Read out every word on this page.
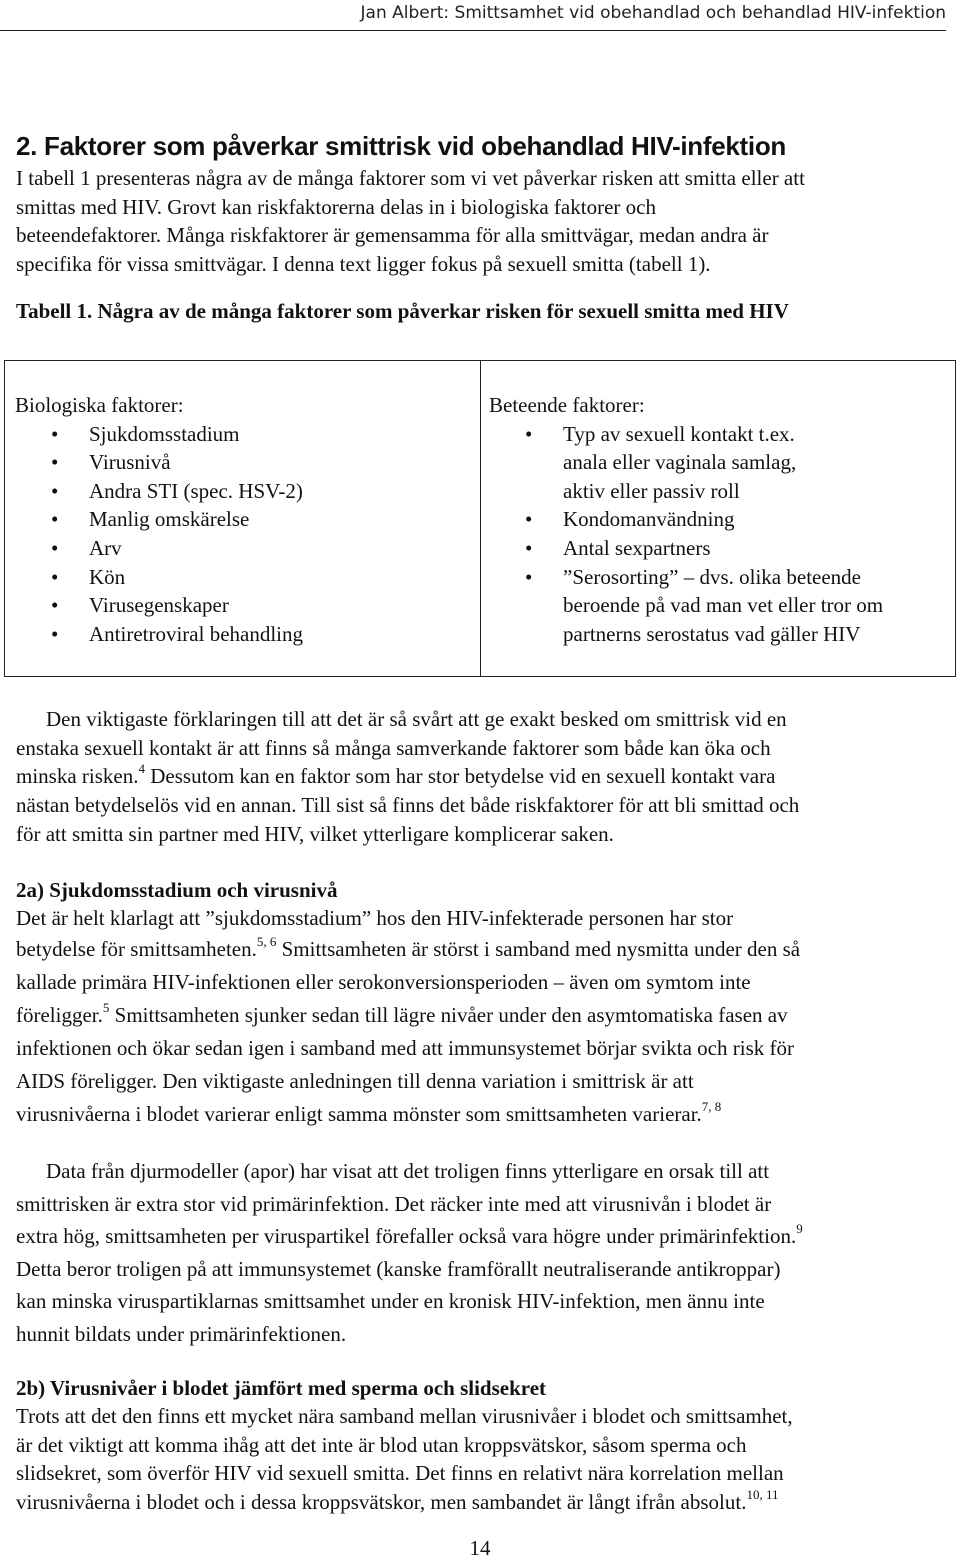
Jan Albert: Smittsamhet vid obehandlad och behandlad HIV-infektion
2. Faktorer som påverkar smittrisk vid obehandlad HIV-infektion

I tabell 1 presenteras några av de många faktorer som vi vet påverkar risken att smitta eller att

smittas med HIV. Grovt kan riskfaktorerna delas in i biologiska faktorer och

beteendefaktorer. Många riskfaktorer är gemensamma för alla smittvägar, medan andra är

specifika för vissa smittvägar. I denna text ligger fokus på sexuell smitta (tabell 1).

Tabell 1. Några av de många faktorer som påverkar risken för sexuell smitta med HIV

Biologiska faktorer:
• Sjukdomsstadium
• Virusnivå
• Andra STI (spec. HSV-2)
• Manlig omskärelse
• Arv
• Kön
• Virusegenskaper
• Antiretroviral behandling
Beteende faktorer:
• Typ av sexuell kontakt t.ex.
anala eller vaginala samlag,
aktiv eller passiv roll
• Kondomanvändning
• Antal sexpartners
• ”Serosorting” – dvs. olika beteende
beroende på vad man vet eller tror om
partnerns serostatus vad gäller HIV

Den viktigaste förklaringen till att det är så svårt att ge exakt besked om smittrisk vid en

enstaka sexuell kontakt är att finns så många samverkande faktorer som både kan öka och

minska risken.$^4$ Dessutom kan en faktor som har stor betydelse vid en sexuell kontakt vara

nästan betydelselös vid en annan. Till sist så finns det både riskfaktorer för att bli smittad och

för att smitta sin partner med HIV, vilket ytterligare komplicerar saken.

2a) Sjukdomsstadium och virusnivå

Det är helt klarlagt att ”sjukdomsstadium” hos den HIV-infekterade personen har stor

betydelse för smittsamheten.$^{5, 6}$ Smittsamheten är störst i samband med nysmitta under den så

kallade primära HIV-infektionen eller serokonversionsperioden – även om symtom inte

föreligger.$^5$ Smittsamheten sjunker sedan till lägre nivåer under den asymtomatiska fasen av

infektionen och ökar sedan igen i samband med att immunsystemet börjar svikta och risk för

AIDS föreligger. Den viktigaste anledningen till denna variation i smittrisk är att

virusnivåerna i blodet varierar enligt samma mönster som smittsamheten varierar.$^{7, 8}$

Data från djurmodeller (apor) har visat att det troligen finns ytterligare en orsak till att

smittrisken är extra stor vid primärinfektion. Det räcker inte med att virusnivån i blodet är

extra hög, smittsamheten per viruspartikel förefaller också vara högre under primärinfektion.$^9$

Detta beror troligen på att immunsystemet (kanske framförallt neutraliserande antikroppar)

kan minska viruspartiklarnas smittsamhet under en kronisk HIV-infektion, men ännu inte

hunnit bildats under primärinfektionen.

2b) Virusnivåer i blodet jämfört med sperma och slidsekret

Trots att det den finns ett mycket nära samband mellan virusnivåer i blodet och smittsamhet,

är det viktigt att komma ihåg att det inte är blod utan kroppsvätskor, såsom sperma och

slidsekret, som överför HIV vid sexuell smitta. Det finns en relativt nära korrelation mellan

virusnivåerna i blodet och i dessa kroppsvätskor, men sambandet är långt ifrån absolut.$^{10, 11}$

14
